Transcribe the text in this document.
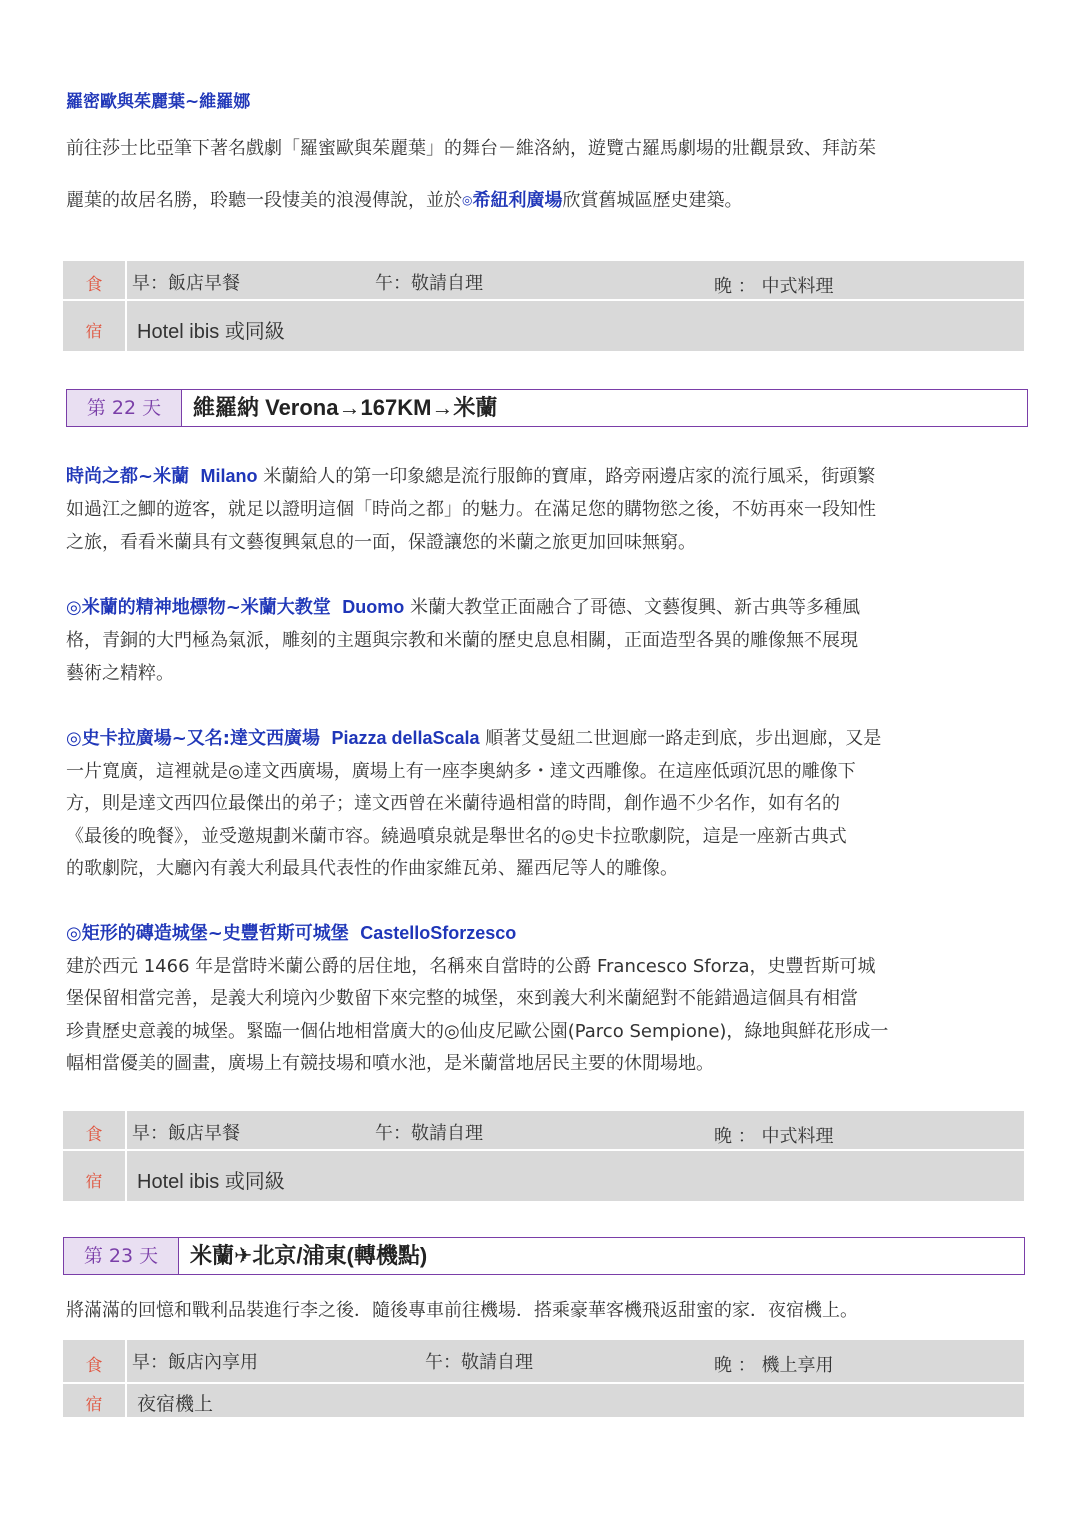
羅密歐與茱麗葉~維羅娜

前往莎士比亞筆下著名戲劇「羅蜜歐與茱麗葉」的舞台－維洛納，遊覽古羅馬劇場的壯觀景致、拜訪茱

麗葉的故居名勝，聆聽一段悽美的浪漫傳說，並於◎希紐利廣場欣賞舊城區歷史建築。

食	早：飯店早餐	午：敬請自理	晚 ： 中式料理
宿	Hotel ibis 或同級
第 22 天	維羅納 Verona→167KM→米蘭

時尚之都~米蘭 Milano 米蘭給人的第一印象總是流行服飾的寶庫，路旁兩邊店家的流行風采，街頭繁

如過江之鯽的遊客，就足以證明這個「時尚之都」的魅力。在滿足您的購物慾之後，不妨再來一段知性

之旅，看看米蘭具有文藝復興氣息的一面，保證讓您的米蘭之旅更加回味無窮。

◎米蘭的精神地標物~米蘭大教堂 Duomo 米蘭大教堂正面融合了哥德、文藝復興、新古典等多種風

格，青銅的大門極為氣派，雕刻的主題與宗教和米蘭的歷史息息相關，正面造型各異的雕像無不展現

藝術之精粹。

◎史卡拉廣場~又名:達文西廣場 Piazza dellaScala 順著艾曼紐二世迴廊一路走到底，步出迴廊，又是

一片寬廣，這裡就是◎達文西廣場，廣場上有一座李奧納多・達文西雕像。在這座低頭沉思的雕像下

方，則是達文西四位最傑出的弟子；達文西曾在米蘭待過相當的時間，創作過不少名作，如有名的

《最後的晚餐》，並受邀規劃米蘭市容。繞過噴泉就是舉世名的◎史卡拉歌劇院，這是一座新古典式

的歌劇院，大廳內有義大利最具代表性的作曲家維瓦弟、羅西尼等人的雕像。

◎矩形的磚造城堡~史豐哲斯可城堡 CastelloSforzesco

建於西元 1466 年是當時米蘭公爵的居住地，名稱來自當時的公爵 Francesco Sforza，史豐哲斯可城

堡保留相當完善，是義大利境內少數留下來完整的城堡，來到義大利米蘭絕對不能錯過這個具有相當

珍貴歷史意義的城堡。緊臨一個佔地相當廣大的◎仙皮尼歐公園(Parco Sempione)，綠地與鮮花形成一

幅相當優美的圖畫，廣場上有競技場和噴水池，是米蘭當地居民主要的休閒場地。

食	早：飯店早餐	午：敬請自理	晚 ： 中式料理
宿	Hotel ibis 或同級
第 23 天	米蘭✈北京/浦東(轉機點)

將滿滿的回憶和戰利品裝進行李之後．隨後專車前往機場．搭乘豪華客機飛返甜蜜的家．夜宿機上。

食	早：飯店內享用	午：敬請自理	晚 ： 機上享用
宿	夜宿機上
